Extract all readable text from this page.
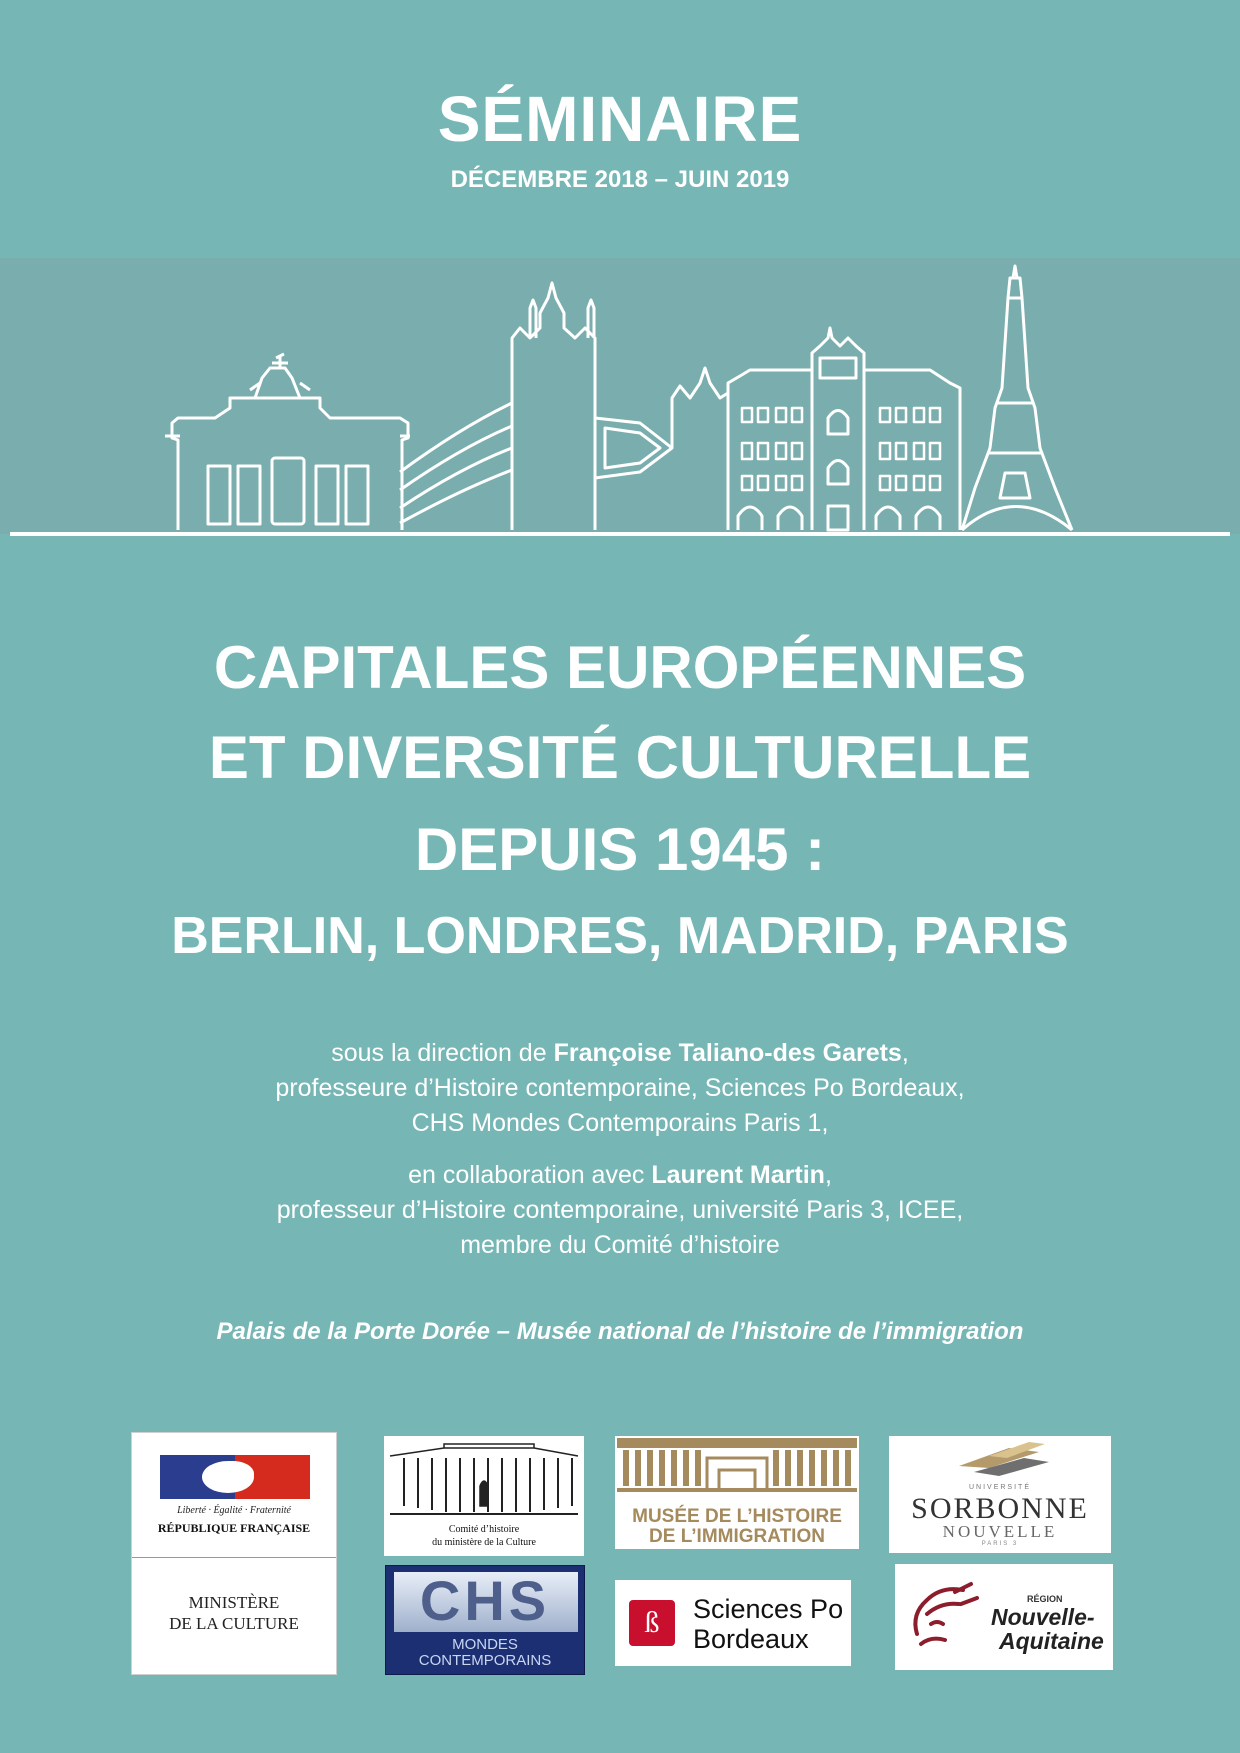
SÉMINAIRE
DÉCEMBRE 2018 – JUIN 2019
CAPITALES EUROPÉENNES
ET DIVERSITÉ CULTURELLE
DEPUIS 1945 :
BERLIN, LONDRES, MADRID, PARIS
sous la direction de Françoise Taliano-des Garets,
professeure d’Histoire contemporaine, Sciences Po Bordeaux,
CHS Mondes Contemporains Paris 1,
en collaboration avec Laurent Martin,
professeur d’Histoire contemporaine, université Paris 3, ICEE,
membre du Comité d’histoire
Palais de la Porte Dorée – Musée national de l’histoire de l’immigration
Liberté · Égalité · Fraternité
RÉPUBLIQUE FRANÇAISE
MINISTÈRE
DE LA CULTURE
Comité d’histoire
du ministère de la Culture
CHS
MONDES
CONTEMPORAINS
MUSÉE DE L’HISTOIRE
DE L’IMMIGRATION
ß Sciences Po
Bordeaux
UNIVERSITÉ
SORBONNE
NOUVELLE
PARIS 3
RÉGION
Nouvelle-
Aquitaine
